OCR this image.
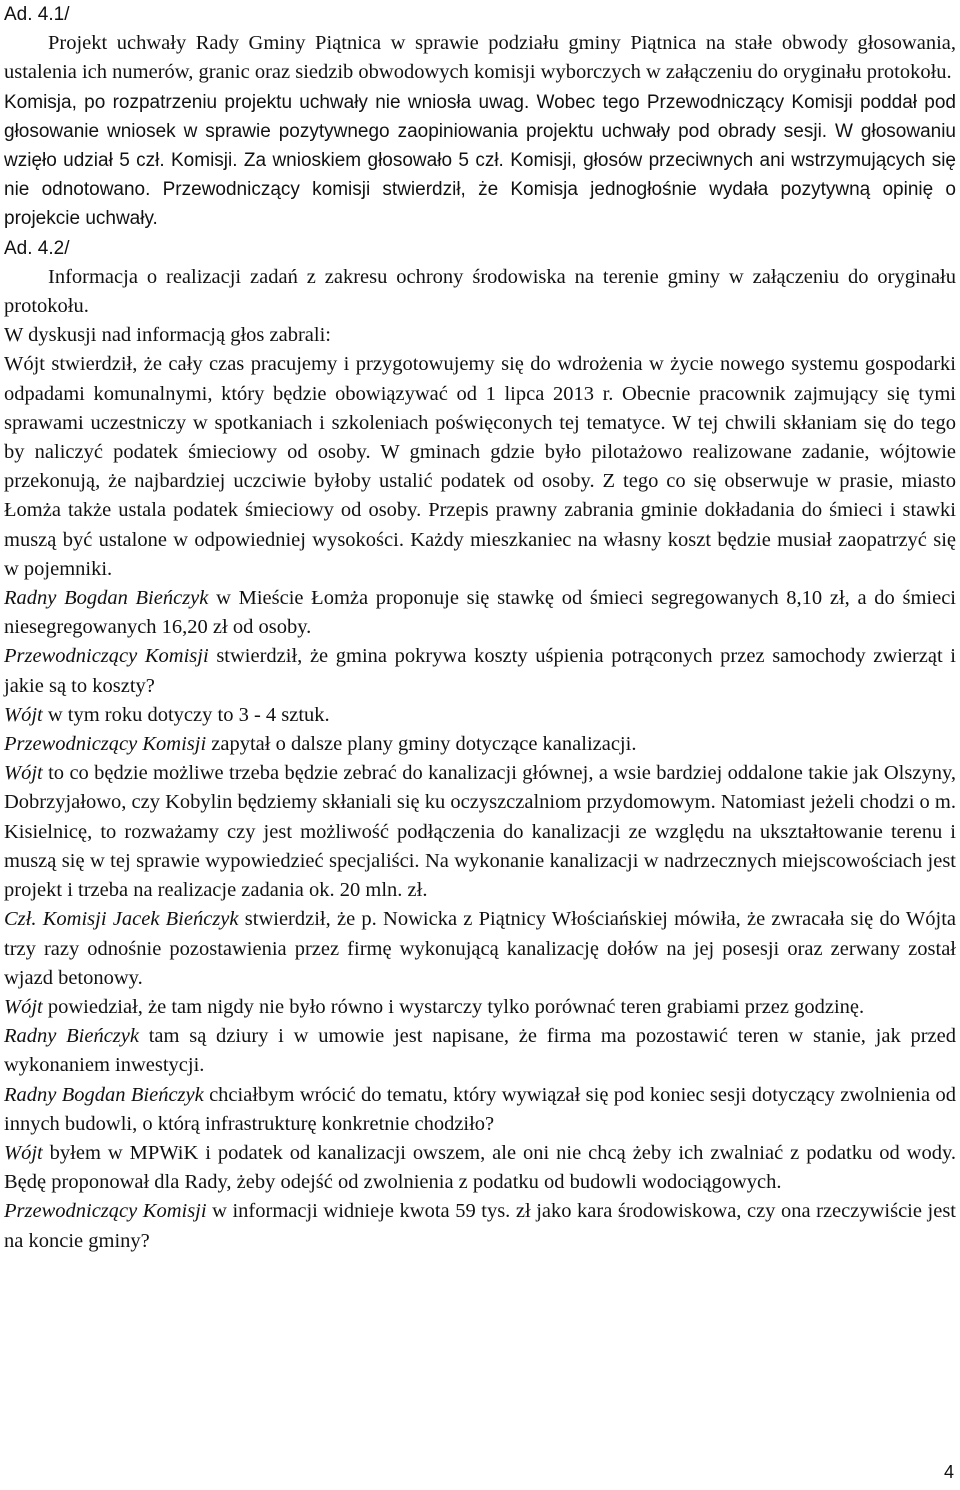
Ad. 4.1/

Projekt uchwały Rady Gminy Piątnica w sprawie podziału gminy Piątnica na stałe obwody głosowania, ustalenia ich numerów, granic oraz siedzib obwodowych komisji wyborczych w załączeniu do oryginału protokołu.

Komisja, po rozpatrzeniu projektu uchwały nie wniosła uwag. Wobec tego Przewodniczący Komisji poddał pod głosowanie wniosek w sprawie pozytywnego zaopiniowania projektu uchwały pod obrady sesji. W głosowaniu wzięło udział 5 czł. Komisji. Za wnioskiem głosowało 5 czł. Komisji, głosów przeciwnych ani wstrzymujących się nie odnotowano. Przewodniczący komisji stwierdził, że Komisja jednogłośnie wydała pozytywną opinię o projekcie uchwały.

Ad. 4.2/

Informacja o realizacji zadań z zakresu ochrony środowiska na terenie gminy w załączeniu do oryginału protokołu.

W dyskusji nad informacją głos zabrali:

Wójt stwierdził, że cały czas pracujemy i przygotowujemy się do wdrożenia w życie nowego systemu gospodarki odpadami komunalnymi, który będzie obowiązywać od 1 lipca 2013 r. Obecnie pracownik zajmujący się tymi sprawami uczestniczy w spotkaniach i szkoleniach poświęconych tej tematyce. W tej chwili skłaniam się do tego by naliczyć podatek śmieciowy od osoby. W gminach gdzie było pilotażowo realizowane zadanie, wójtowie przekonują, że najbardziej uczciwie byłoby ustalić podatek od osoby. Z tego co się obserwuje w prasie, miasto Łomża także ustala podatek śmieciowy od osoby. Przepis prawny zabrania gminie dokładania do śmieci i stawki muszą być ustalone w odpowiedniej wysokości. Każdy mieszkaniec na własny koszt będzie musiał zaopatrzyć się w pojemniki.

Radny Bogdan Bieńczyk w Mieście Łomża proponuje się stawkę od śmieci segregowanych 8,10 zł, a do śmieci niesegregowanych 16,20 zł od osoby.

Przewodniczący Komisji stwierdził, że gmina pokrywa koszty uśpienia potrąconych przez samochody zwierząt i jakie są to koszty?

Wójt w tym roku dotyczy to 3 - 4 sztuk.

Przewodniczący Komisji zapytał o dalsze plany gminy dotyczące kanalizacji.

Wójt to co będzie możliwe trzeba będzie zebrać do kanalizacji głównej, a wsie bardziej oddalone takie jak Olszyny, Dobrzyjałowo, czy Kobylin będziemy skłaniali się ku oczyszczalniom przydomowym. Natomiast jeżeli chodzi o m. Kisielnicę, to rozważamy czy jest możliwość podłączenia do kanalizacji ze względu na ukształtowanie terenu i muszą się w tej sprawie wypowiedzieć specjaliści. Na wykonanie kanalizacji w nadrzecznych miejscowościach jest projekt i trzeba na realizacje zadania ok. 20 mln. zł.

Czł. Komisji Jacek Bieńczyk stwierdził, że p. Nowicka z Piątnicy Włościańskiej mówiła, że zwracała się do Wójta trzy razy odnośnie pozostawienia przez firmę wykonującą kanalizację dołów na jej posesji oraz zerwany został wjazd betonowy.

Wójt powiedział, że tam nigdy nie było równo i wystarczy tylko porównać teren grabiami przez godzinę.

Radny Bieńczyk tam są dziury i w umowie jest napisane, że firma ma pozostawić teren w stanie, jak przed wykonaniem inwestycji.

Radny Bogdan Bieńczyk chciałbym wrócić do tematu, który wywiązał się pod koniec sesji dotyczący zwolnienia od innych budowli, o którą infrastrukturę konkretnie chodziło?

Wójt byłem w MPWiK i podatek od kanalizacji owszem, ale oni nie chcą żeby ich zwalniać z podatku od wody. Będę proponował dla Rady, żeby odejść od zwolnienia z podatku od budowli wodociągowych.

Przewodniczący Komisji w informacji widnieje kwota 59 tys. zł jako kara środowiskowa, czy ona rzeczywiście jest na koncie gminy?

4
